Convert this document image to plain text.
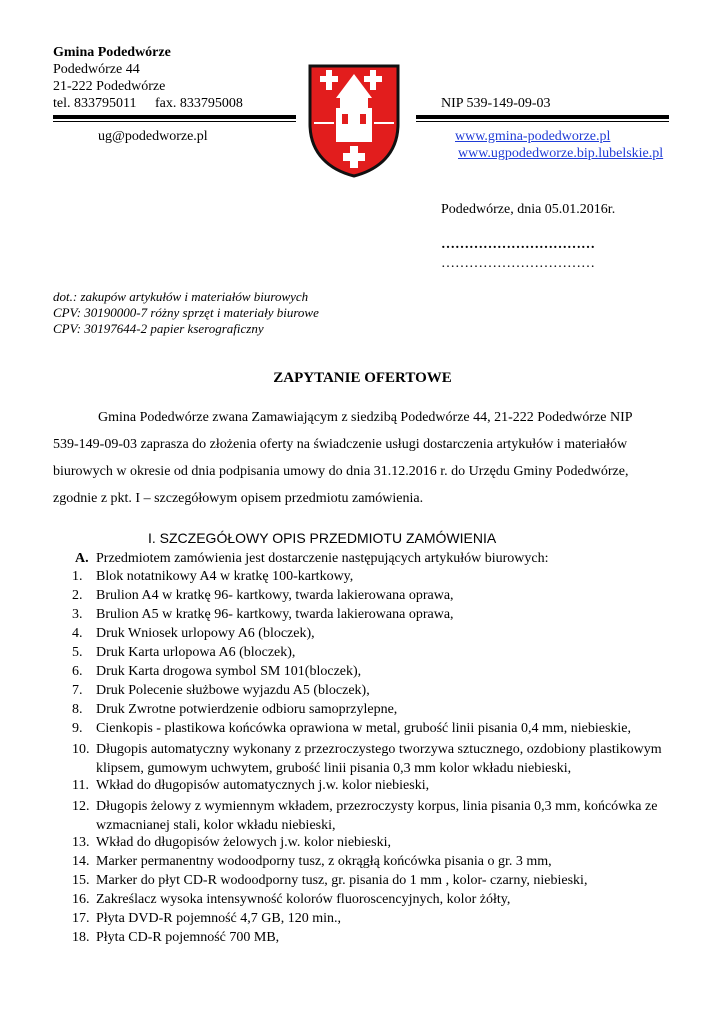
Gmina Podedwórze
Podedwórze 44
21-222 Podedwórze
tel. 833795011 fax. 833795008	NIP 539-149-09-03
ug@podedworze.pl	www.gmina-podedworze.pl
www.ugpodedworze.bip.lubelskie.pl
Podedwórze, dnia 05.01.2016r.
……………………………
……………………………
dot.: zakupów artykułów i materiałów biurowych
CPV: 30190000-7 różny sprzęt i materiały biurowe
CPV: 30197644-2 papier kserograficzny
ZAPYTANIE OFERTOWE
Gmina Podedwórze zwana Zamawiającym z siedzibą Podedwórze 44, 21-222 Podedwórze NIP
539-149-09-03 zaprasza do złożenia oferty na świadczenie usługi dostarczenia artykułów i materiałów
biurowych w okresie od dnia podpisania umowy do dnia 31.12.2016 r. do Urzędu Gminy Podedwórze,
zgodnie z pkt. I – szczegółowym opisem przedmiotu zamówienia.
I. SZCZEGÓŁOWY OPIS PRZEDMIOTU ZAMÓWIENIA
A. Przedmiotem zamówienia jest dostarczenie następujących artykułów biurowych:
1. Blok notatnikowy A4 w kratkę 100-kartkowy,
2. Brulion A4 w kratkę 96- kartkowy, twarda lakierowana oprawa,
3. Brulion A5 w kratkę 96- kartkowy, twarda lakierowana oprawa,
4. Druk Wniosek urlopowy A6 (bloczek),
5. Druk Karta urlopowa A6 (bloczek),
6. Druk Karta drogowa symbol SM 101(bloczek),
7. Druk Polecenie służbowe wyjazdu A5 (bloczek),
8. Druk Zwrotne potwierdzenie odbioru samoprzylepne,
9. Cienkopis - plastikowa końcówka oprawiona w metal, grubość linii pisania 0,4 mm, niebieskie,
10. Długopis automatyczny wykonany z przezroczystego tworzywa sztucznego, ozdobiony plastikowym klipsem, gumowym uchwytem, grubość linii pisania 0,3 mm kolor wkładu niebieski,
11. Wkład do długopisów automatycznych j.w. kolor niebieski,
12. Długopis żelowy z wymiennym wkładem, przezroczysty korpus, linia pisania 0,3 mm, końcówka ze wzmacnianej stali, kolor wkładu niebieski,
13. Wkład do długopisów żelowych j.w. kolor niebieski,
14. Marker permanentny wodoodporny tusz, z okrągłą końcówka pisania o gr. 3 mm,
15. Marker do płyt CD-R wodoodporny tusz, gr. pisania do 1 mm , kolor- czarny, niebieski,
16. Zakreślacz wysoka intensywność kolorów fluoroscencyjnych, kolor żółty,
17. Płyta DVD-R pojemność 4,7 GB, 120 min.,
18. Płyta CD-R pojemność 700 MB,
